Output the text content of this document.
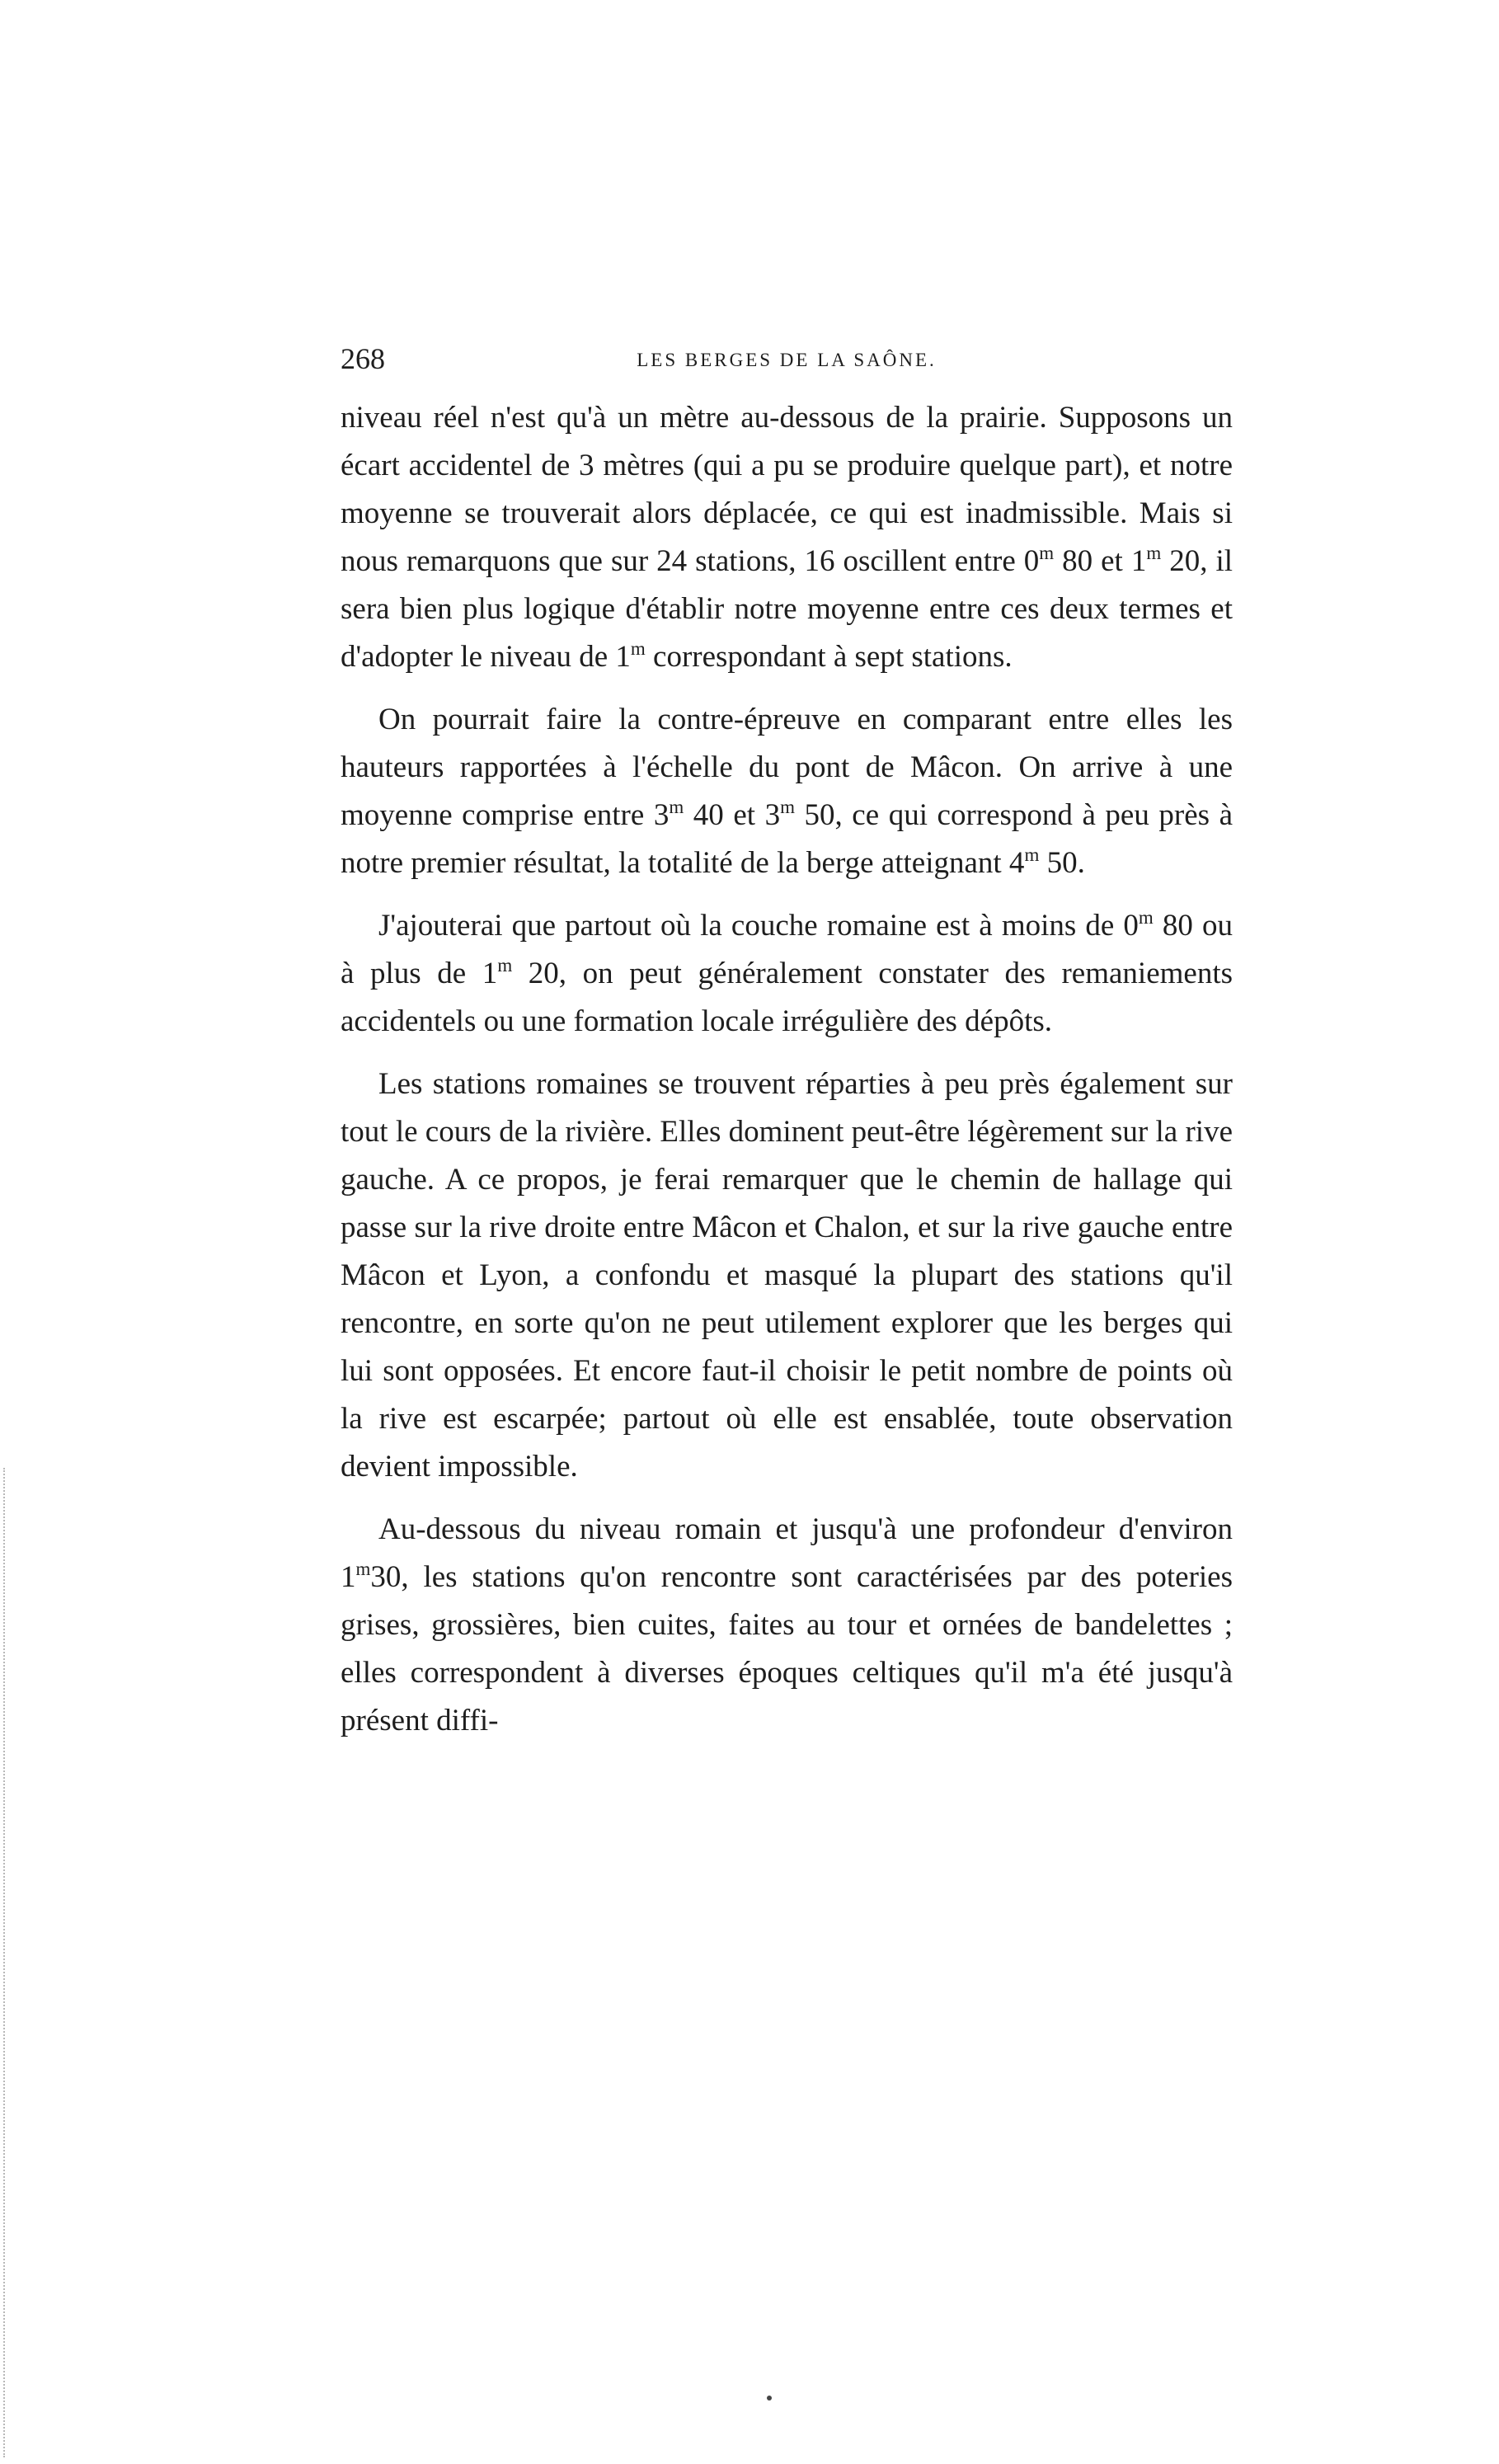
268	LES BERGES DE LA SAÔNE.

niveau réel n'est qu'à un mètre au-dessous de la prairie. Supposons un écart accidentel de 3 mètres (qui a pu se produire quelque part), et notre moyenne se trouverait alors déplacée, ce qui est inadmissible. Mais si nous remarquons que sur 24 stations, 16 oscillent entre 0$^m$ 80 et 1$^m$ 20, il sera bien plus logique d'établir notre moyenne entre ces deux termes et d'adopter le niveau de 1$^m$ correspondant à sept stations.

On pourrait faire la contre-épreuve en comparant entre elles les hauteurs rapportées à l'échelle du pont de Mâcon. On arrive à une moyenne comprise entre 3$^m$ 40 et 3$^m$ 50, ce qui correspond à peu près à notre premier résultat, la totalité de la berge atteignant 4$^m$ 50.

J'ajouterai que partout où la couche romaine est à moins de 0$^m$ 80 ou à plus de 1$^m$ 20, on peut généralement constater des remaniements accidentels ou une formation locale irrégulière des dépôts.

Les stations romaines se trouvent réparties à peu près également sur tout le cours de la rivière. Elles dominent peut-être légèrement sur la rive gauche. A ce propos, je ferai remarquer que le chemin de hallage qui passe sur la rive droite entre Mâcon et Chalon, et sur la rive gauche entre Mâcon et Lyon, a confondu et masqué la plupart des stations qu'il rencontre, en sorte qu'on ne peut utilement explorer que les berges qui lui sont opposées. Et encore faut-il choisir le petit nombre de points où la rive est escarpée; partout où elle est ensablée, toute observation devient impossible.

Au-dessous du niveau romain et jusqu'à une profondeur d'environ 1$^m$30, les stations qu'on rencontre sont caractérisées par des poteries grises, grossières, bien cuites, faites au tour et ornées de bandelettes ; elles correspondent à diverses époques celtiques qu'il m'a été jusqu'à présent diffi-
